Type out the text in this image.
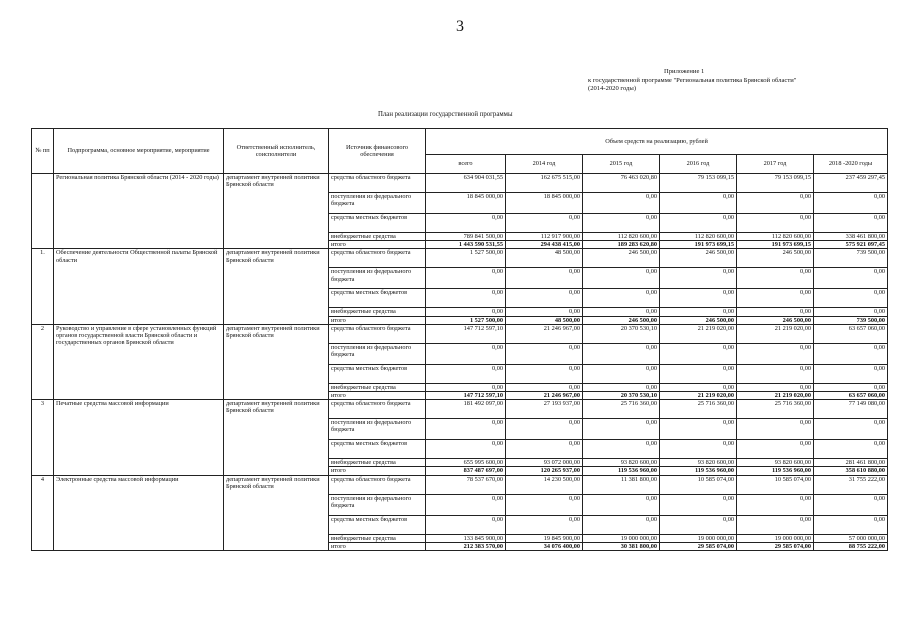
3
Приложение 1
к государственной программе "Региональная политика Брянской области"
(2014-2020 годы)
План реализации государственной программы
№ пп	Подпрограмма, основное мероприятие, мероприятие	Ответственный исполнитель, соисполнители	Источник финансового обеспечения	Объем средств на реализацию, рублей					
				всего	2014 год	2015 год	2016 год	2017 год	2018 -2020 годы
	Региональная политика Брянской области (2014 - 2020 годы)	департамент внутренней политики Брянской области	средства областного бюджета	634 904 031,55	162 675 515,00	76 463 020,80	79 153 099,15	79 153 099,15	237 459 297,45
			поступления из федерального бюджета	18 845 000,00	18 845 000,00	0,00	0,00	0,00	0,00
			средства местных бюджетов	0,00	0,00	0,00	0,00	0,00	0,00
			внебюджетные средства	789 841 500,00	112 917 900,00	112 820 600,00	112 820 600,00	112 820 600,00	338 461 800,00
			итого	1 443 590 531,55	294 438 415,00	189 283 620,80	191 973 699,15	191 973 699,15	575 921 097,45
1.	Обеспечение деятельности Общественной палаты Брянской области	департамент внутренней политики Брянской области	средства областного бюджета	1 527 500,00	48 500,00	246 500,00	246 500,00	246 500,00	739 500,00
			поступления из федерального бюджета	0,00	0,00	0,00	0,00	0,00	0,00
			средства местных бюджетов	0,00	0,00	0,00	0,00	0,00	0,00
			внебюджетные средства	0,00	0,00	0,00	0,00	0,00	0,00
			итого	1 527 500,00	48 500,00	246 500,00	246 500,00	246 500,00	739 500,00
2	Руководство и управление в сфере установленных функций органов государственной власти Брянской области и государственных органов Брянской области	департамент внутренней политики Брянской области	средства областного бюджета	147 712 597,10	21 246 967,00	20 370 530,10	21 219 020,00	21 219 020,00	63 657 060,00
			поступления из федерального бюджета	0,00	0,00	0,00	0,00	0,00	0,00
			средства местных бюджетов	0,00	0,00	0,00	0,00	0,00	0,00
			внебюджетные средства	0,00	0,00	0,00	0,00	0,00	0,00
			итого	147 712 597,10	21 246 967,00	20 370 530,10	21 219 020,00	21 219 020,00	63 657 060,00
3	Печатные средства массовой информации	департамент внутренней политики Брянской области	средства областного бюджета	181 492 097,00	27 193 937,00	25 716 360,00	25 716 360,00	25 716 360,00	77 149 080,00
			поступления из федерального бюджета	0,00	0,00	0,00	0,00	0,00	0,00
			средства местных бюджетов	0,00	0,00	0,00	0,00	0,00	0,00
			внебюджетные средства	655 995 600,00	93 072 000,00	93 820 600,00	93 820 600,00	93 820 600,00	281 461 800,00
			итого	837 487 697,00	120 265 937,00	119 536 960,00	119 536 960,00	119 536 960,00	358 610 880,00
4	Электронные средства массовой информации	департамент внутренней политики Брянской области	средства областного бюджета	78 537 670,00	14 230 500,00	11 381 800,00	10 585 074,00	10 585 074,00	31 755 222,00
			поступления из федерального бюджета	0,00	0,00	0,00	0,00	0,00	0,00
			средства местных бюджетов	0,00	0,00	0,00	0,00	0,00	0,00
			внебюджетные средства	133 845 900,00	19 845 900,00	19 000 000,00	19 000 000,00	19 000 000,00	57 000 000,00
			итого	212 383 570,00	34 076 400,00	30 381 800,00	29 585 074,00	29 585 074,00	88 755 222,00
